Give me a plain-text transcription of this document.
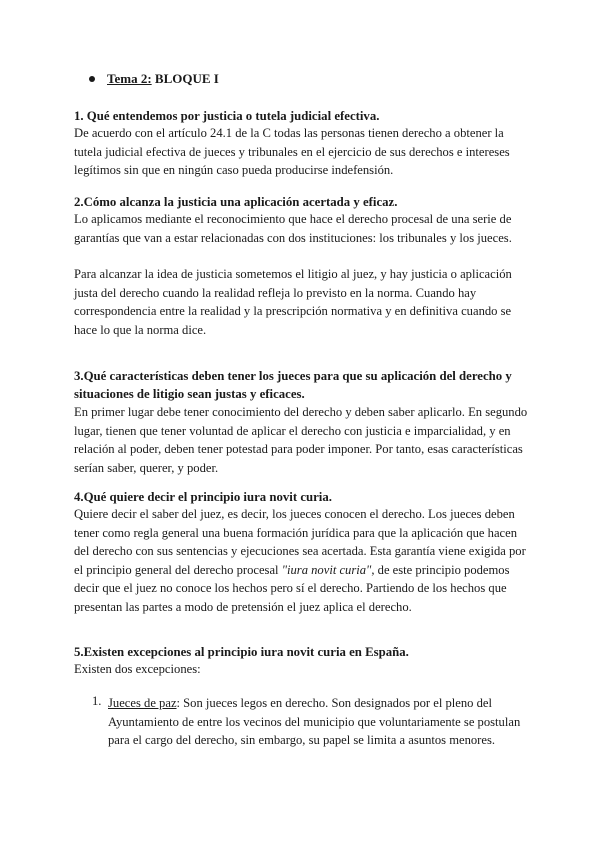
Tema 2:
BLOQUE I

1. Qué entendemos por justicia o tutela judicial efectiva.

De acuerdo con el artículo 24.1 de la C todas las personas tienen derecho a obtener la tutela judicial efectiva de jueces y tribunales en el ejercicio de sus derechos e intereses legítimos sin que en ningún caso pueda producirse indefensión.

2.Cómo alcanza la justicia una aplicación acertada y eficaz.

Lo aplicamos mediante el reconocimiento que hace el derecho procesal de una serie de garantías que van a estar relacionadas con dos instituciones: los tribunales y los jueces.

Para alcanzar la idea de justicia sometemos el litigio al juez, y hay justicia o aplicación justa del derecho cuando la realidad refleja lo previsto en la norma. Cuando hay correspondencia entre la realidad y la prescripción normativa y en definitiva cuando se hace lo que la norma dice.

3.Qué características deben tener los jueces para que su aplicación del derecho y situaciones de litigio sean justas y eficaces.

En primer lugar debe tener conocimiento del derecho y deben saber aplicarlo. En segundo lugar, tienen que tener voluntad de aplicar el derecho con justicia e imparcialidad, y en relación al poder, deben tener potestad para poder imponer. Por tanto, esas características serían saber, querer, y poder.

4.Qué quiere decir el principio iura novit curia.

Quiere decir el saber del juez, es decir, los jueces conocen el derecho. Los jueces deben tener como regla general una buena formación jurídica para que la aplicación que hacen del derecho con sus sentencias y ejecuciones sea acertada. Esta garantía viene exigida por el principio general del derecho procesal "iura novit curia", de este principio podemos decir que el juez no conoce los hechos pero sí el derecho. Partiendo de los hechos que presentan las partes a modo de pretensión el juez aplica el derecho.

5.Existen excepciones al principio iura novit curia en España.

Existen dos excepciones:

1. Jueces de paz: Son jueces legos en derecho. Son designados por el pleno del Ayuntamiento de entre los vecinos del municipio que voluntariamente se postulan para el cargo del derecho, sin embargo, su papel se limita a asuntos menores.
